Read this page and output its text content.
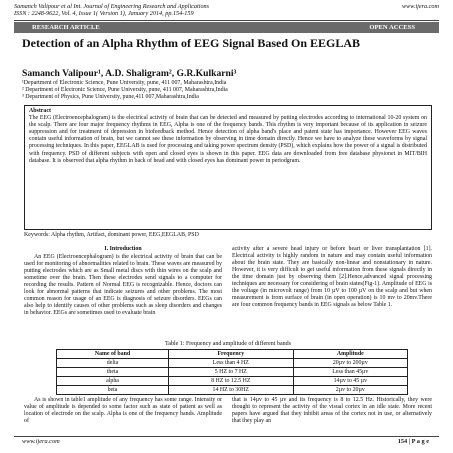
Samanch Valipour et al Int. Journal of Engineering Research and Applications
ISSN : 2248-9622, Vol. 4, Issue 1( Version 1), January 2014, pp.154-159
www.ijera.com
RESEARCH ARTICLE	OPEN ACCESS
Detection of an Alpha Rhythm of EEG Signal Based On EEGLAB
Samanch Valipour¹, A.D. Shaligram², G.R.Kulkarni³
¹Department of Electronic Science, Pune University, pune, 411 007, Maharashtra,India
² Department of Electronic Science, Pune University, pune, 411 007, Maharashtra,India
³ Department of Physics, Pune University, pune,411 007,Maharashtra,India
Abstract
The EEG (Electroencephalogram) is the electrical activity of brain that can be detected and measured by putting electrodes according to international 10-20 system on the scalp. There are four major frequency rhythms in EEG, Alpha is one of the frequency bands. This rhythm is very important because of its application in seizure suppression and for treatment of depression in biofeedback method. Hence detection of alpha band's place and patent state has importance. However EEG waves contain useful information of brain, but we cannot see these information by observing in time domain directly. Hence we have to analyze these waveforms by signal processing techniques. In this paper, EEGLAB is used for processing and taking power spectrum density (PSD), which explains how the power of a signal is distributed with frequency. PSD of different subjects with open and closed eyes is shown in this paper. EEG data are downloaded from free database physionet in MIT/BIH database. It is observed that alpha rhythm in back of head and with closed eyes has dominant power in periodgram.
Keywords: Alpha rhythm, Artifact, dominant power, EEG,EEGLAB, PSD
I. Introduction
An EEG (Electroencephalogram) is the electrical activity of brain that can be used for monitoring of abnormalities related to brain. These waves are measured by putting electrodes which are as Small metal discs with thin wires on the scalp and sometime over the brain. Then these electrodes send signals to a computer for recording the results. Pattern of Normal EEG is recognizable. Hence, doctors can look for abnormal patterns that indicate seizures and other problems. The most common reason for usage of an EEG is diagnosis of seizure disorders. EEGs can also help to identify causes of other problems such as sleep disorders and changes in behavior. EEGs are sometimes used to evaluate brain
activity after a severe head injury or before heart or liver transplantation [1]. Electrical activity is highly random in nature and may contain useful information about the brain state. They are basically non-linear and nonstationary in nature. However, it is very difficult to get useful information from these signals directly in the time domain just by observing them [2].Hence,advanced signal processing techniques are necessary for considering of brain states(Fig-1). Amplitude of EEG is the voltage (in microvolt range) from 10 µV to 100 µV on the scalp and but when measurement is from surface of brain (in open operation) is 10 mv to 20mv.There are four common frequency bands in EEG signals as below Table 1.
Table 1: Frequency and amplitude of different bands
Name of band	Frequency	Amplitude
delta	Less than 4 HZ	20µv to 200µv
theta	5 HZ to 7 HZ	Less than 45µv
alpha	8 HZ to 12.5 HZ	14µv to 45 µv
beta	14 HZ to 30HZ	2µv to 20µv
As is shown in table1 amplitude of any frequency has some range. Intensity or value of amplitude is depended to some factor such as state of patient as well as location of electrode on the scalp. Alpha is one of the frequency bands. Amplitude of
that is 14µv to 45 µv and its frequency is 8 to 12.5 Hz. Historically, they were thought to represent the activity of the visual cortex in an idle state. More recent papers have argued that they inhibit areas of the cortex not in use, or alternatively that they play an
www.ijera.com	154 | P a g e
